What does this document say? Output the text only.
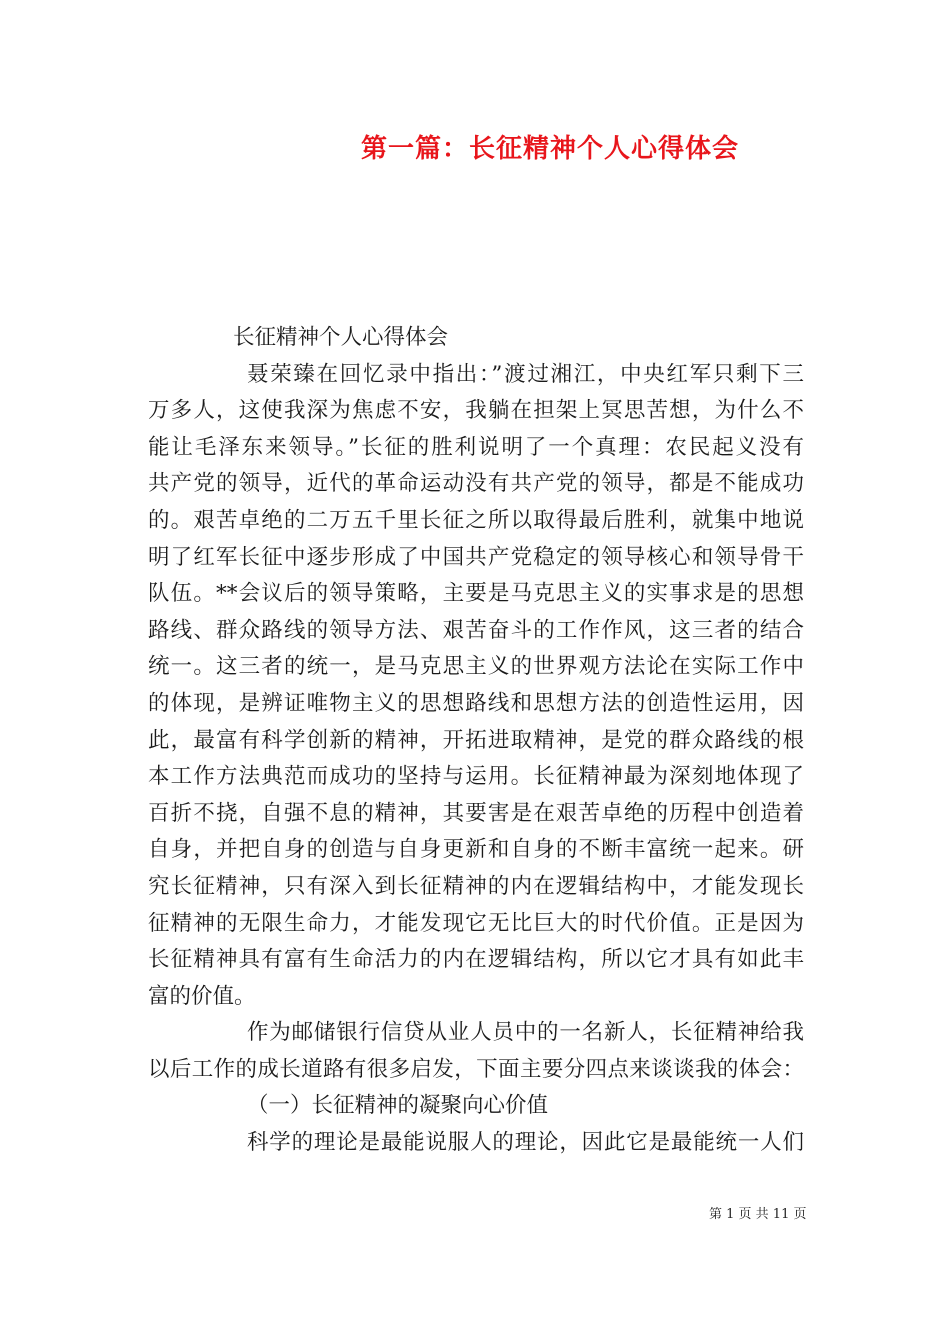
第一篇：长征精神个人心得体会
长征精神个人心得体会
聂荣臻在回忆录中指出：”渡过湘江，中央红军只剩下三
万多人，这使我深为焦虑不安，我躺在担架上冥思苦想，为什么不
能让毛泽东来领导。”长征的胜利说明了一个真理：农民起义没有
共产党的领导，近代的革命运动没有共产党的领导，都是不能成功
的。艰苦卓绝的二万五千里长征之所以取得最后胜利，就集中地说
明了红军长征中逐步形成了中国共产党稳定的领导核心和领导骨干
队伍。**会议后的领导策略，主要是马克思主义的实事求是的思想
路线、群众路线的领导方法、艰苦奋斗的工作作风，这三者的结合
统一。这三者的统一，是马克思主义的世界观方法论在实际工作中
的体现，是辨证唯物主义的思想路线和思想方法的创造性运用，因
此，最富有科学创新的精神，开拓进取精神，是党的群众路线的根
本工作方法典范而成功的坚持与运用。长征精神最为深刻地体现了
百折不挠，自强不息的精神，其要害是在艰苦卓绝的历程中创造着
自身，并把自身的创造与自身更新和自身的不断丰富统一起来。研
究长征精神，只有深入到长征精神的内在逻辑结构中，才能发现长
征精神的无限生命力，才能发现它无比巨大的时代价值。正是因为
长征精神具有富有生命活力的内在逻辑结构，所以它才具有如此丰
富的价值。
作为邮储银行信贷从业人员中的一名新人，长征精神给我
以后工作的成长道路有很多启发，下面主要分四点来谈谈我的体会：
（一）长征精神的凝聚向心价值
科学的理论是最能说服人的理论，因此它是最能统一人们
第 1 页 共 11 页
